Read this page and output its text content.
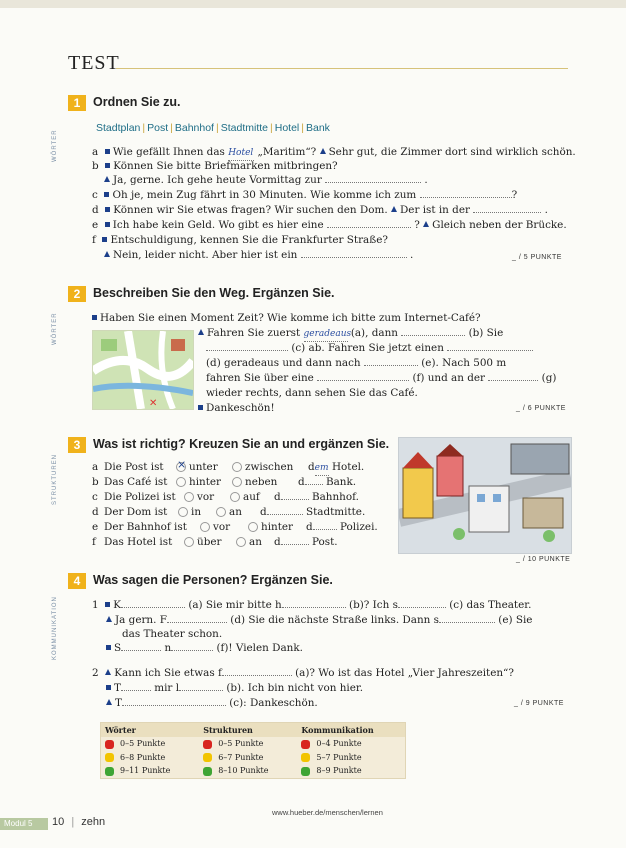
TEST
1	Ordnen Sie zu.
WÖRTER
Stadtplan | Post | Bahnhof | Stadtmitte | Hotel | Bank
a Wie gefällt Ihnen das Hotel „Maritim“? Sehr gut, die Zimmer dort sind wirklich schön.
b Können Sie bitte Briefmarken mitbringen?
Ja, gerne. Ich gehe heute Vormittag zur	.
c Oh je, mein Zug fährt in 30 Minuten. Wie komme ich zum	?
d Können wir Sie etwas fragen? Wir suchen den Dom. Der ist in der	.
e Ich habe kein Geld. Wo gibt es hier eine	? Gleich neben der Brücke.
f Entschuldigung, kennen Sie die Frankfurter Straße?
Nein, leider nicht. Aber hier ist ein	.	_ / 5 PUNKTE
2	Beschreiben Sie den Weg. Ergänzen Sie.
WÖRTER	Haben Sie einen Moment Zeit? Wie komme ich bitte zum Internet-Café?
✕
Fahren Sie zuerst geradeaus (a), dann	(b) Sie
(c) ab. Fahren Sie jetzt einen
(d) geradeaus und dann nach	(e). Nach 500 m
fahren Sie über eine	(f) und an der	(g)
wieder rechts, dann sehen Sie das Café.
Dankeschön!	_ / 6 PUNKTE
3	Was ist richtig? Kreuzen Sie an und ergänzen Sie.
STRUKTUREN	a Die Post ist ×	unter	zwischen dem Hotel.
b Das Café ist	hinter	neben d Bank.
c Die Polizei ist	vor	auf d	Bahnhof.
d Der Dom ist	in	an d	Stadtmitte.
e Der Bahnhof ist	vor	hinter d	Polizei.
f Das Hotel ist	über	an d	Post.
_ / 10 PUNKTE
4	Was sagen die Personen? Ergänzen Sie.
KOMMUNIKATION	1 K	(a) Sie mir bitte h	(b)? Ich s	(c) das Theater.
Ja gern. F	(d) Sie die nächste Straße links. Dann s	(e) Sie
das Theater schon.
S	n	(f)! Vielen Dank.
2 Kann ich Sie etwas f	(a)? Wo ist das Hotel „Vier Jahreszeiten“?
T	mir l	(b). Ich bin nicht von hier.
T	(c): Dankeschön.	_ / 9 PUNKTE
Wörter	Strukturen	Kommunikation
0–5 Punkte	0–5 Punkte	0–4 Punkte
6–8 Punkte	6–7 Punkte	5–7 Punkte
9–11 Punkte	8–10 Punkte	8–9 Punkte
www.hueber.de/menschen/lernen
Modul 5	10 | zehn
